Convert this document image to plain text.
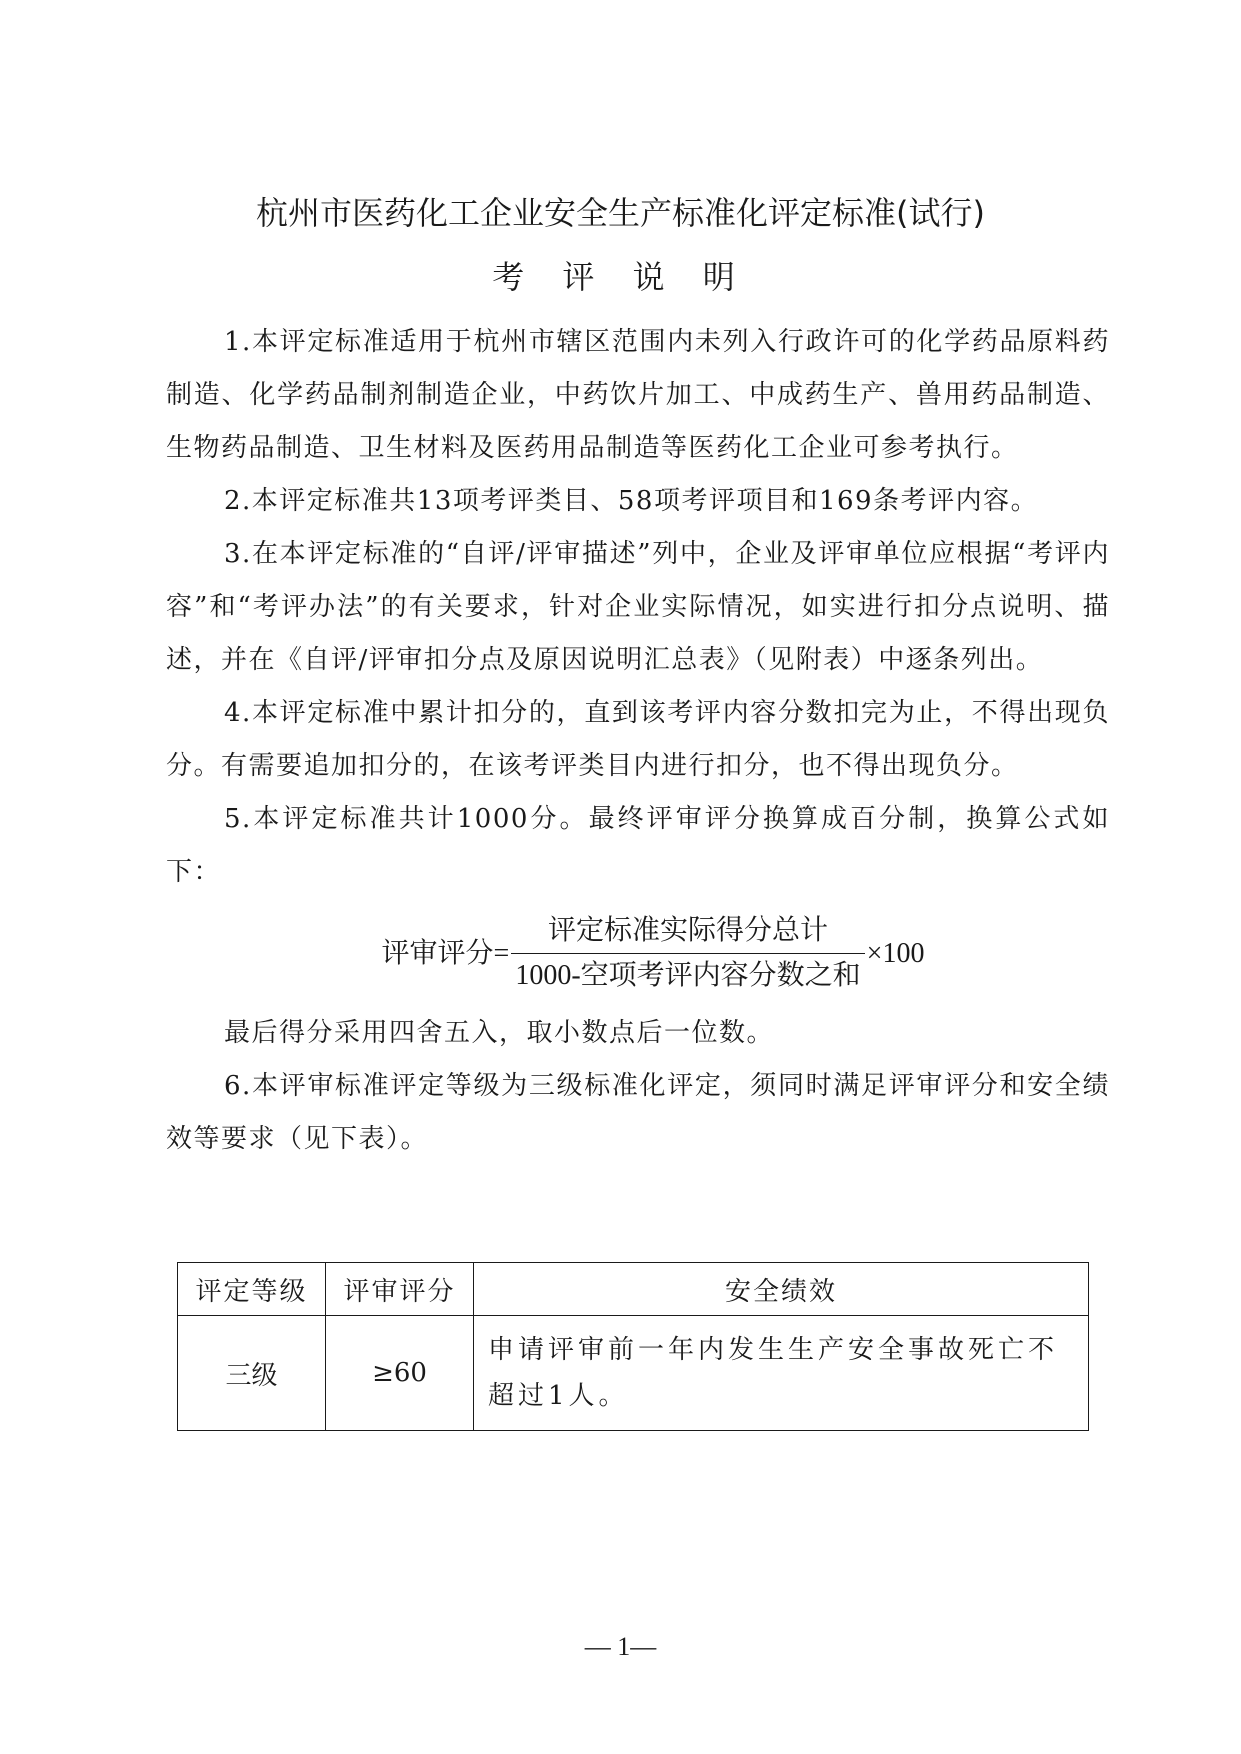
杭州市医药化工企业安全生产标准化评定标准(试行)
考 评 说 明

1.本评定标准适用于杭州市辖区范围内未列入行政许可的化学药品原料药制造、化学药品制剂制造企业，中药饮片加工、中成药生产、兽用药品制造、生物药品制造、卫生材料及医药用品制造等医药化工企业可参考执行。

2.本评定标准共13项考评类目、58项考评项目和169条考评内容。

3.在本评定标准的“自评/评审描述”列中，企业及评审单位应根据“考评内容”和“考评办法”的有关要求，针对企业实际情况，如实进行扣分点说明、描述，并在《自评/评审扣分点及原因说明汇总表》（见附表）中逐条列出。

4.本评定标准中累计扣分的，直到该考评内容分数扣完为止，不得出现负分。有需要追加扣分的，在该考评类目内进行扣分，也不得出现负分。

5.本评定标准共计1000分。最终评审评分换算成百分制，换算公式如下：

评审评分= $\frac{\text{评定标准实际得分总计}}{\text{1000-空项考评内容分数之和}} \times 100$

最后得分采用四舍五入，取小数点后一位数。

6.本评审标准评定等级为三级标准化评定，须同时满足评审评分和安全绩效等要求（见下表）。

评定等级	评审评分	安全绩效
三级	≥60	申请评审前一年内发生生产安全事故死亡不超过1人。
— 1—
